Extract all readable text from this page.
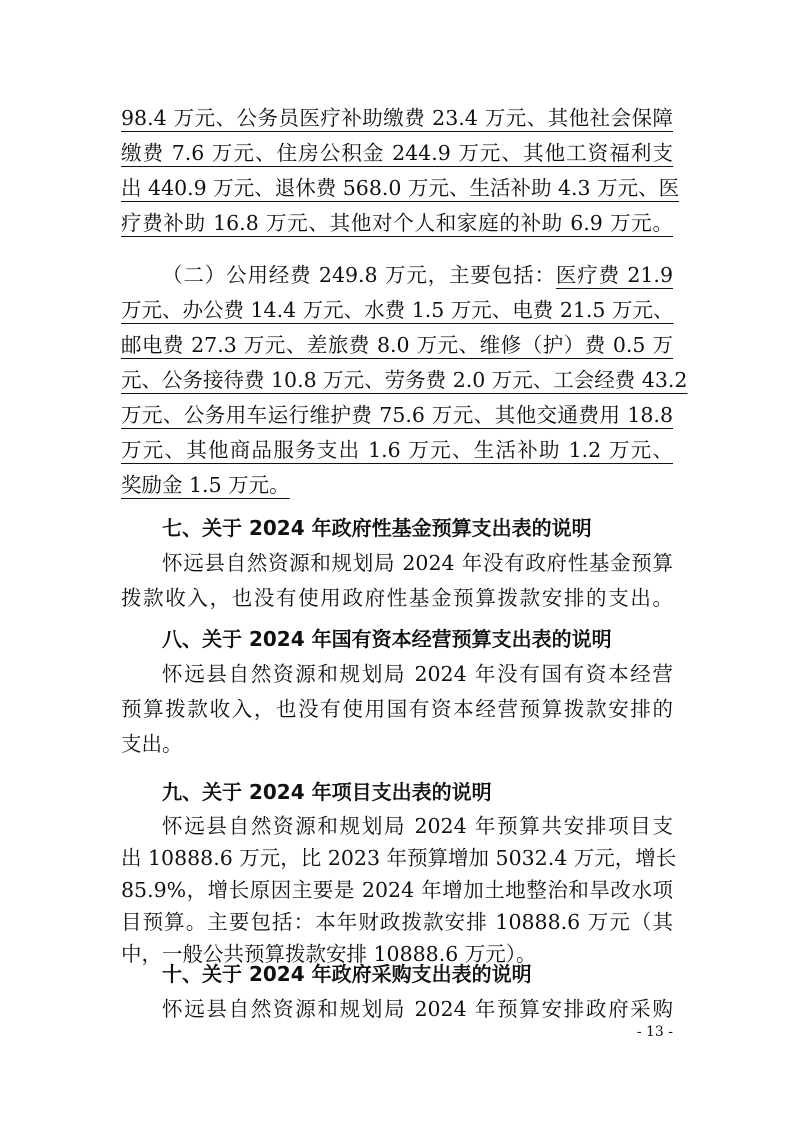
98.4 万元、公务员医疗补助缴费 23.4 万元、其他社会保障
缴费 7.6 万元、住房公积金 244.9 万元、其他工资福利支
出 440.9 万元、退休费 568.0 万元、生活补助 4.3 万元、医
疗费补助 16.8 万元、其他对个人和家庭的补助 6.9 万元。
（二）公用经费 249.8 万元，主要包括：医疗费 21.9
万元、办公费 14.4 万元、水费 1.5 万元、电费 21.5 万元、
邮电费 27.3 万元、差旅费 8.0 万元、维修（护）费 0.5 万
元、公务接待费 10.8 万元、劳务费 2.0 万元、工会经费 43.2
万元、公务用车运行维护费 75.6 万元、其他交通费用 18.8
万元、其他商品服务支出 1.6 万元、生活补助 1.2 万元、
奖励金 1.5 万元。
七、关于 2024 年政府性基金预算支出表的说明
怀远县自然资源和规划局 2024 年没有政府性基金预算
拨款收入，也没有使用政府性基金预算拨款安排的支出。
八、关于 2024 年国有资本经营预算支出表的说明
怀远县自然资源和规划局 2024 年没有国有资本经营
预算拨款收入，也没有使用国有资本经营预算拨款安排的
支出。
九、关于 2024 年项目支出表的说明
怀远县自然资源和规划局 2024 年预算共安排项目支
出 10888.6 万元，比 2023 年预算增加 5032.4 万元，增长
85.9%，增长原因主要是 2024 年增加土地整治和旱改水项
目预算。主要包括：本年财政拨款安排 10888.6 万元（其
中，一般公共预算拨款安排 10888.6 万元）。
十、关于 2024 年政府采购支出表的说明
怀远县自然资源和规划局 2024 年预算安排政府采购
- 13 -
